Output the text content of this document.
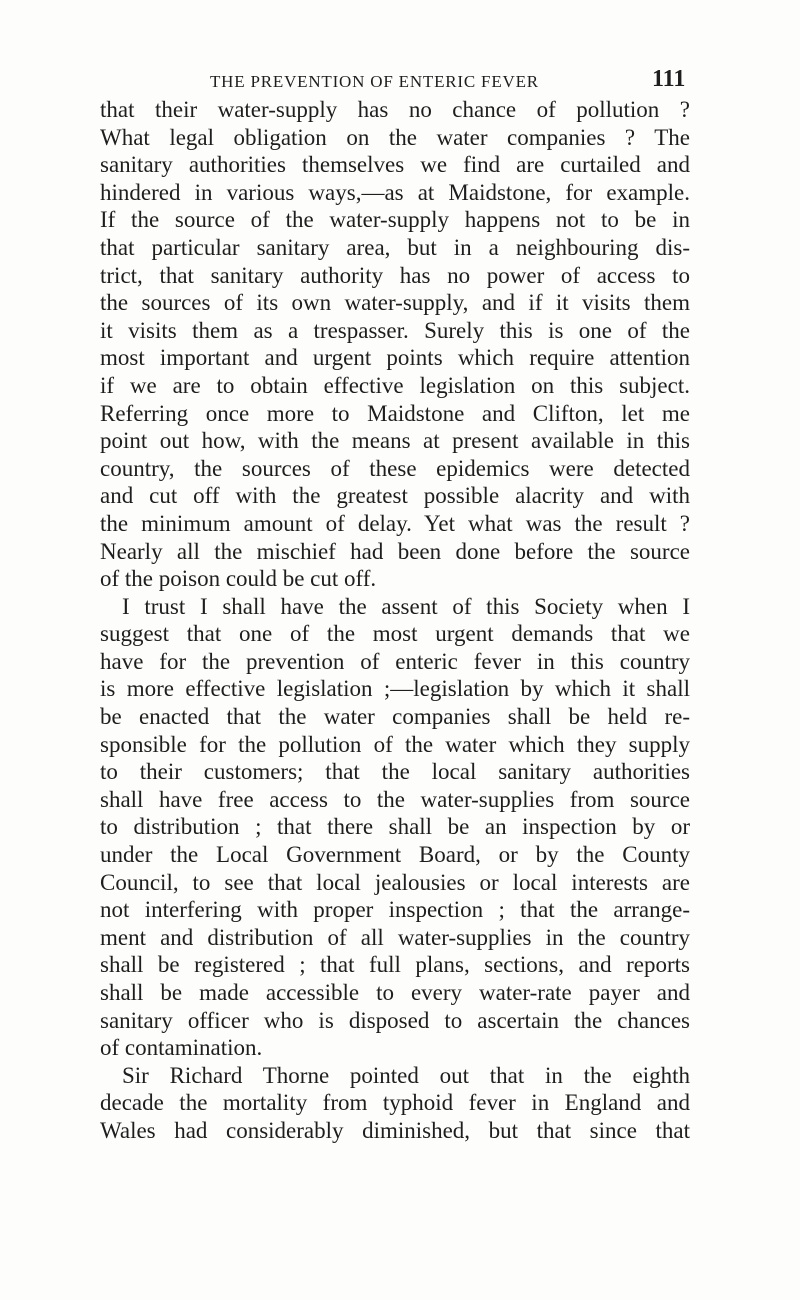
THE PREVENTION OF ENTERIC FEVER	111
that their water-supply has no chance of pollution ?
What legal obligation on the water companies ? The
sanitary authorities themselves we find are curtailed and
hindered in various ways,—as at Maidstone, for example.
If the source of the water-supply happens not to be in
that particular sanitary area, but in a neighbouring dis-
trict, that sanitary authority has no power of access to
the sources of its own water-supply, and if it visits them
it visits them as a trespasser. Surely this is one of the
most important and urgent points which require attention
if we are to obtain effective legislation on this subject.
Referring once more to Maidstone and Clifton, let me
point out how, with the means at present available in this
country, the sources of these epidemics were detected
and cut off with the greatest possible alacrity and with
the minimum amount of delay. Yet what was the result ?
Nearly all the mischief had been done before the source
of the poison could be cut off.
I trust I shall have the assent of this Society when I
suggest that one of the most urgent demands that we
have for the prevention of enteric fever in this country
is more effective legislation ;—legislation by which it shall
be enacted that the water companies shall be held re-
sponsible for the pollution of the water which they supply
to their customers; that the local sanitary authorities
shall have free access to the water-supplies from source
to distribution ; that there shall be an inspection by or
under the Local Government Board, or by the County
Council, to see that local jealousies or local interests are
not interfering with proper inspection ; that the arrange-
ment and distribution of all water-supplies in the country
shall be registered ; that full plans, sections, and reports
shall be made accessible to every water-rate payer and
sanitary officer who is disposed to ascertain the chances
of contamination.
Sir Richard Thorne pointed out that in the eighth
decade the mortality from typhoid fever in England and
Wales had considerably diminished, but that since that
